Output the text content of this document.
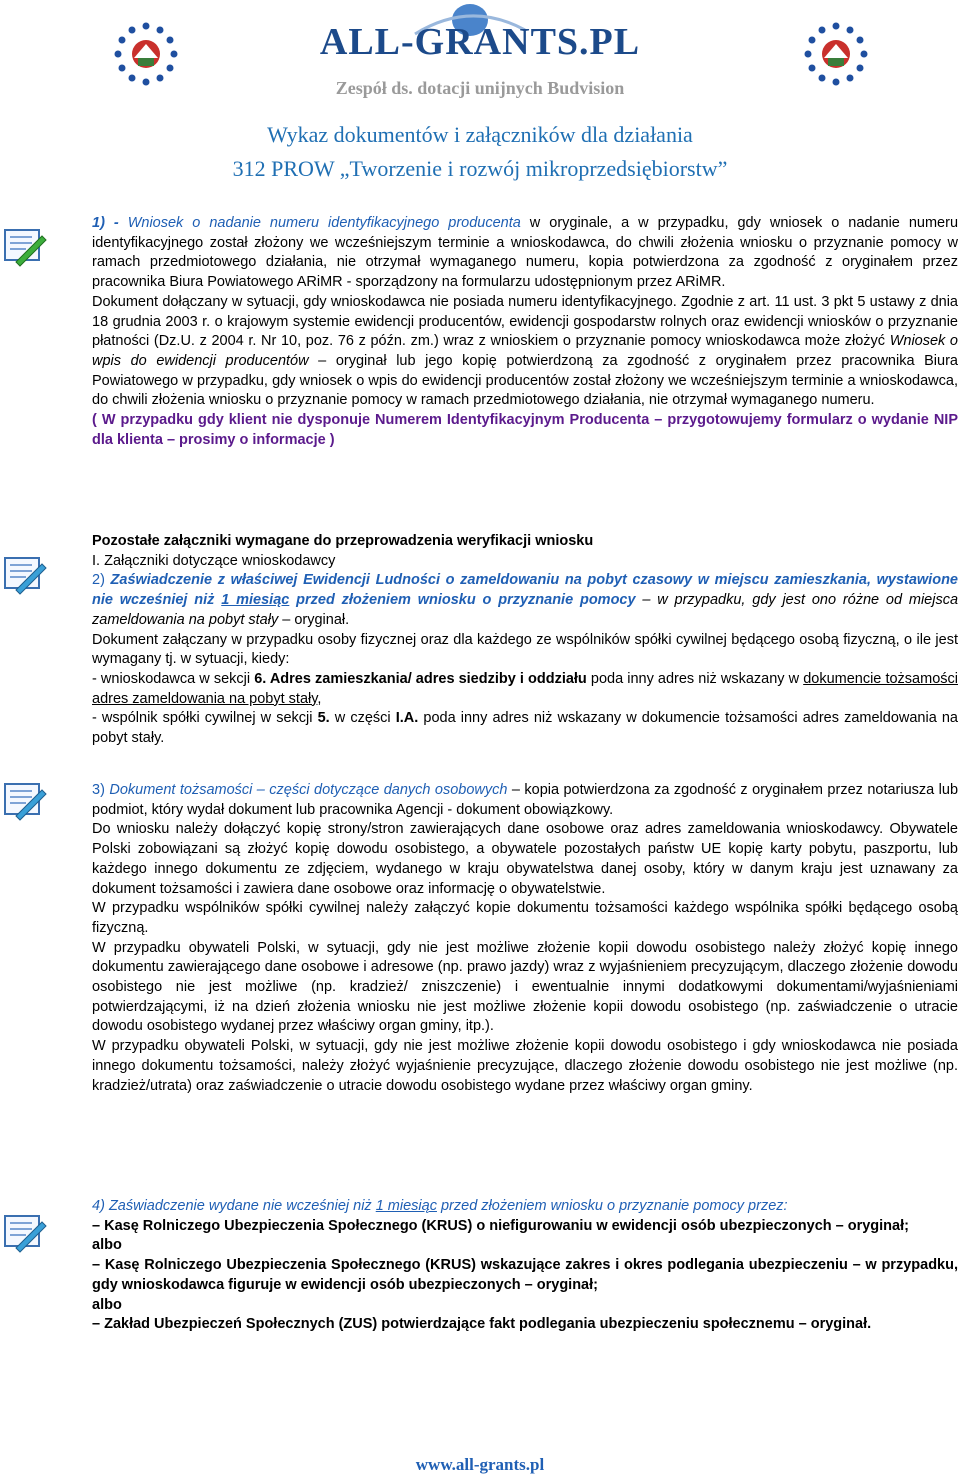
ALL-GRANTS.PL
Zespół ds. dotacji unijnych Budvision
Wykaz dokumentów i załączników dla działania
312 PROW „Tworzenie i rozwój mikroprzedsiębiorstw”

1) - Wniosek o nadanie numeru identyfikacyjnego producenta w oryginale, a w przypadku, gdy wniosek o nadanie numeru identyfikacyjnego został złożony we wcześniejszym terminie a wnioskodawca, do chwili złożenia wniosku o przyznanie pomocy w ramach przedmiotowego działania, nie otrzymał wymaganego numeru, kopia potwierdzona za zgodność z oryginałem przez pracownika Biura Powiatowego ARiMR - sporządzony na formularzu udostępnionym przez ARiMR.

Dokument dołączany w sytuacji, gdy wnioskodawca nie posiada numeru identyfikacyjnego. Zgodnie z art. 11 ust. 3 pkt 5 ustawy z dnia 18 grudnia 2003 r. o krajowym systemie ewidencji producentów, ewidencji gospodarstw rolnych oraz ewidencji wniosków o przyznanie płatności (Dz.U. z 2004 r. Nr 10, poz. 76 z późn. zm.) wraz z wnioskiem o przyznanie pomocy wnioskodawca może złożyć Wniosek o wpis do ewidencji producentów – oryginał lub jego kopię potwierdzoną za zgodność z oryginałem przez pracownika Biura Powiatowego w przypadku, gdy wniosek o wpis do ewidencji producentów został złożony we wcześniejszym terminie a wnioskodawca, do chwili złożenia wniosku o przyznanie pomocy w ramach przedmiotowego działania, nie otrzymał wymaganego numeru.

( W przypadku gdy klient nie dysponuje Numerem Identyfikacyjnym Producenta – przygotowujemy formularz o wydanie NIP dla klienta – prosimy o informacje )

Pozostałe załączniki wymagane do przeprowadzenia weryfikacji wniosku

I. Załączniki dotyczące wnioskodawcy

2) Zaświadczenie z właściwej Ewidencji Ludności o zameldowaniu na pobyt czasowy w miejscu zamieszkania, wystawione nie wcześniej niż 1 miesiąc przed złożeniem wniosku o przyznanie pomocy – w przypadku, gdy jest ono różne od miejsca zameldowania na pobyt stały – oryginał.

Dokument załączany w przypadku osoby fizycznej oraz dla każdego ze wspólników spółki cywilnej będącego osobą fizyczną, o ile jest wymagany tj. w sytuacji, kiedy:

- wnioskodawca w sekcji 6. Adres zamieszkania/ adres siedziby i oddziału poda inny adres niż wskazany w dokumencie tożsamości adres zameldowania na pobyt stały,

- wspólnik spółki cywilnej w sekcji 5. w części I.A. poda inny adres niż wskazany w dokumencie tożsamości adres zameldowania na pobyt stały.

3) Dokument tożsamości – części dotyczące danych osobowych – kopia potwierdzona za zgodność z oryginałem przez notariusza lub podmiot, który wydał dokument lub pracownika Agencji - dokument obowiązkowy.

Do wniosku należy dołączyć kopię strony/stron zawierających dane osobowe oraz adres zameldowania wnioskodawcy. Obywatele Polski zobowiązani są złożyć kopię dowodu osobistego, a obywatele pozostałych państw UE kopię karty pobytu, paszportu, lub każdego innego dokumentu ze zdjęciem, wydanego w kraju obywatelstwa danej osoby, który w danym kraju jest uznawany za dokument tożsamości i zawiera dane osobowe oraz informację o obywatelstwie.

W przypadku wspólników spółki cywilnej należy załączyć kopie dokumentu tożsamości każdego wspólnika spółki będącego osobą fizyczną.

W przypadku obywateli Polski, w sytuacji, gdy nie jest możliwe złożenie kopii dowodu osobistego należy złożyć kopię innego dokumentu zawierającego dane osobowe i adresowe (np. prawo jazdy) wraz z wyjaśnieniem precyzującym, dlaczego złożenie dowodu osobistego nie jest możliwe (np. kradzież/ zniszczenie) i ewentualnie innymi dodatkowymi dokumentami/wyjaśnieniami potwierdzającymi, iż na dzień złożenia wniosku nie jest możliwe złożenie kopii dowodu osobistego (np. zaświadczenie o utracie dowodu osobistego wydanej przez właściwy organ gminy, itp.).

W przypadku obywateli Polski, w sytuacji, gdy nie jest możliwe złożenie kopii dowodu osobistego i gdy wnioskodawca nie posiada innego dokumentu tożsamości, należy złożyć wyjaśnienie precyzujące, dlaczego złożenie dowodu osobistego nie jest możliwe (np. kradzież/utrata) oraz zaświadczenie o utracie dowodu osobistego wydane przez właściwy organ gminy.

4) Zaświadczenie wydane nie wcześniej niż 1 miesiąc przed złożeniem wniosku o przyznanie pomocy przez:

– Kasę Rolniczego Ubezpieczenia Społecznego (KRUS) o niefigurowaniu w ewidencji osób ubezpieczonych – oryginał;

albo

– Kasę Rolniczego Ubezpieczenia Społecznego (KRUS) wskazujące zakres i okres podlegania ubezpieczeniu – w przypadku, gdy wnioskodawca figuruje w ewidencji osób ubezpieczonych – oryginał;

albo

– Zakład Ubezpieczeń Społecznych (ZUS) potwierdzające fakt podlegania ubezpieczeniu społecznemu – oryginał.

www.all-grants.pl
